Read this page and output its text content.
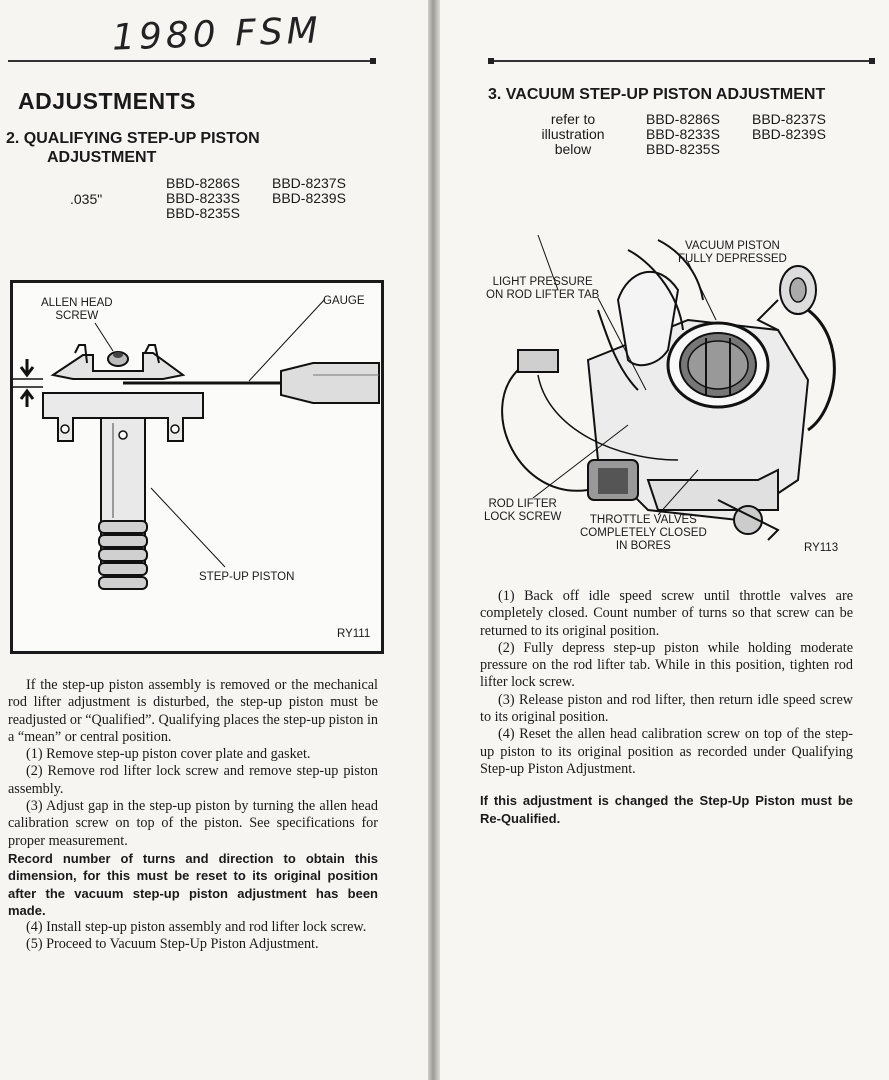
1980 FSM
ADJUSTMENTS
2. QUALIFYING STEP-UP PISTON
ADJUSTMENT
.035"
BBD-8286S
BBD-8233S
BBD-8235S
BBD-8237S
BBD-8239S
ALLEN HEAD
SCREW
GAUGE
STEP-UP PISTON
RY111

If the step-up piston assembly is removed or the mechanical rod lifter adjustment is disturbed, the step-up piston must be readjusted or “Qualified”. Qualifying places the step-up piston in a “mean” or central position.

(1) Remove step-up piston cover plate and gasket.

(2) Remove rod lifter lock screw and remove step-up piston assembly.

(3) Adjust gap in the step-up piston by turning the allen head calibration screw on top of the piston. See specifications for proper measurement.

Record number of turns and direction to obtain this dimension, for this must be reset to its original position after the vacuum step-up piston adjustment has been made.

(4) Install step-up piston assembly and rod lifter lock screw.

(5) Proceed to Vacuum Step-Up Piston Adjustment.

3. VACUUM STEP-UP PISTON ADJUSTMENT
refer to
illustration
below
BBD-8286S
BBD-8233S
BBD-8235S
BBD-8237S
BBD-8239S

(1) Back off idle speed screw until throttle valves are completely closed. Count number of turns so that screw can be returned to its original position.

(2) Fully depress step-up piston while holding moderate pressure on the rod lifter tab. While in this position, tighten rod lifter lock screw.

(3) Release piston and rod lifter, then return idle speed screw to its original position.

(4) Reset the allen head calibration screw on top of the step-up piston to its original position as recorded under Qualifying Step-up Piston Adjustment.

If this adjustment is changed the Step-Up Piston must be Re-Qualified.

VACUUM PISTON
FULLY DEPRESSED
LIGHT PRESSURE
ON ROD LIFTER TAB
ROD LIFTER
LOCK SCREW	THROTTLE VALVES
COMPLETELY CLOSED
IN BORES	RY113
